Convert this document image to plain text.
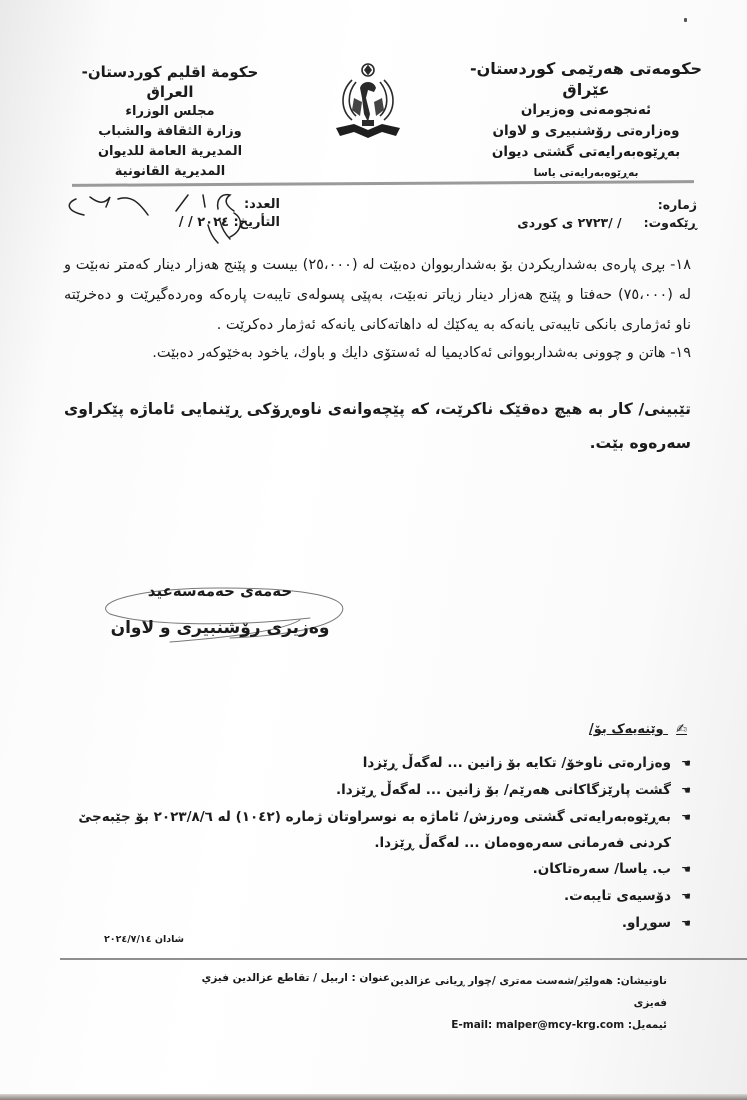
حکومەتی هەرێمی کوردستان-عێراق
ئەنجومەنی وەزیران
وەزارەتی رۆشنبیری و لاوان
بەڕێوەبەرایەتی گشتی دیوان
بەڕێوەبەرایەتی یاسا
حكومة اقليم كوردستان-العراق
مجلس الوزراء
وزارة الثقافة والشباب
المديرية العامة للديوان
المديرية القانونية
ژمارە:
ڕێکەوت:
/ /٢٧٢٣ ی کوردی
العدد:
التأريخ: ٢٠٢٤ / /
١٨- بڕی پارەی بەشداریکردن بۆ بەشداربووان دەبێت لە (٢٥،٠٠٠) بیست و پێنج هەزار دینار کەمتر نەبێت و لە (٧٥،٠٠٠) حەفتا و پێنج هەزار دینار زیاتر نەبێت، بەپێی پسولەی تایبەت پارەکە وەردەگیرێت و دەخرێتە ناو ئەژماری بانکی تایبەتی یانەکە بە یەکێك لە داهاتەکانی یانەکە ئەژمار دەکرێت .
١٩- هاتن و چوونی بەشداربووانی ئەکادیمیا لە ئەستۆی دایك و باوك، یاخود بەخێوکەر دەبێت.
تێبینی/ کار بە هیچ دەقێک ناکرێت، کە پێچەوانەی ناوەڕۆکی ڕێنمایی ئاماژە پێکراوی سەرەوە بێت.
حەمەی حەمەسەعید
وەزیری رۆشنبیری و لاوان
✍ وێنەیەک بۆ/
☚
وەزارەتی ناوخۆ/ تکایە بۆ زانین ... لەگەڵ ڕێزدا
☚
گشت پارێزگاکانی هەرێم/ بۆ زانین ... لەگەڵ ڕێزدا.
☚
بەڕێوەبەرایەتی گشتی وەرزش/ ئاماژە بە نوسراوتان ژمارە (١٠٤٢) لە ٢٠٢٣/٨/٦ بۆ جێبەجێ کردنی فەرمانی سەرەوەمان ... لەگەڵ ڕێزدا.
☚
ب. یاسا/ سەرەتاکان.
☚
دۆسیەی تایبەت.
☚
سوڕاو.
شادان ٢٠٢٤/٧/١٤
ناونیشان: هەولێر/شەست مەتری /چوار ڕیانی عزالدین فەیزی
ئیمەیل: E-mail: malper@mcy-krg.com
عنوان : اربيل / تقاطع عزالدين فيزي
